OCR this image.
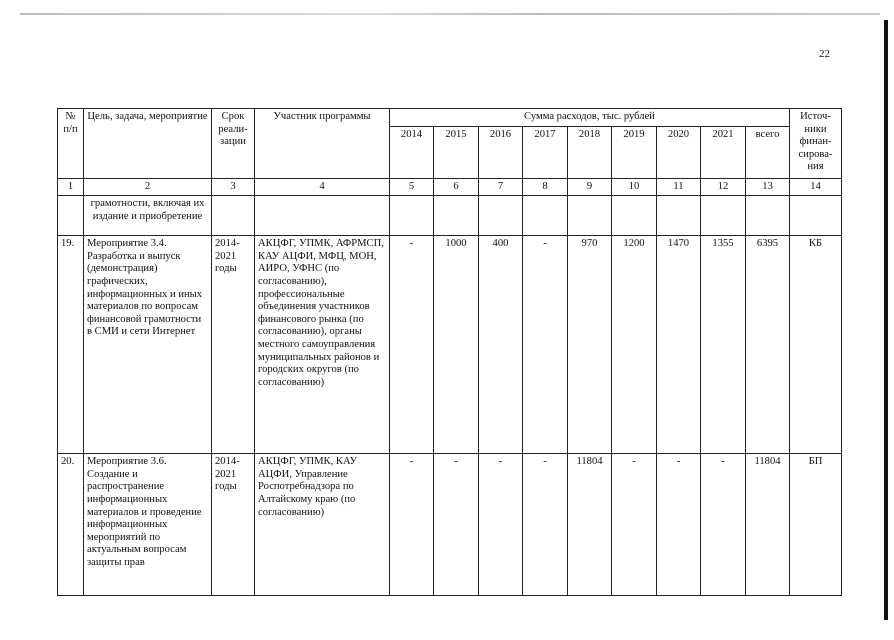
22
№ п/п	Цель, задача, мероприятие	Срок реали-зации	Участник программы	Сумма расходов, тыс. рублей									Источ-ники финан-сирова-ния
				2014	2015	2016	2017	2018	2019	2020	2021	всего	
1	2	3	4	5	6	7	8	9	10	11	12	13	14
	грамотности, включая их издание и приобретение												
19.	Мероприятие 3.4. Разработка и выпуск (демонстрация) графических, информационных и иных материалов по вопросам финансовой грамотности в СМИ и сети Интернет	2014-2021 годы	АКЦФГ, УПМК, АФРМСП, КАУ АЦФИ, МФЦ, МОН, АИРО, УФНС (по согласованию), профессиональные объединения участников финансового рынка (по согласованию), органы местного самоуправления муниципальных районов и городских округов (по согласованию)	-	1000	400	-	970	1200	1470	1355	6395	КБ
20.	Мероприятие 3.6. Создание и распространение информационных материалов и проведение информационных мероприятий по актуальным вопросам защиты прав	2014-2021 годы	АКЦФГ, УПМК, КАУ АЦФИ, Управление Роспотребнадзора по Алтайскому краю (по согласованию)	-	-	-	-	11804	-	-	-	11804	БП
